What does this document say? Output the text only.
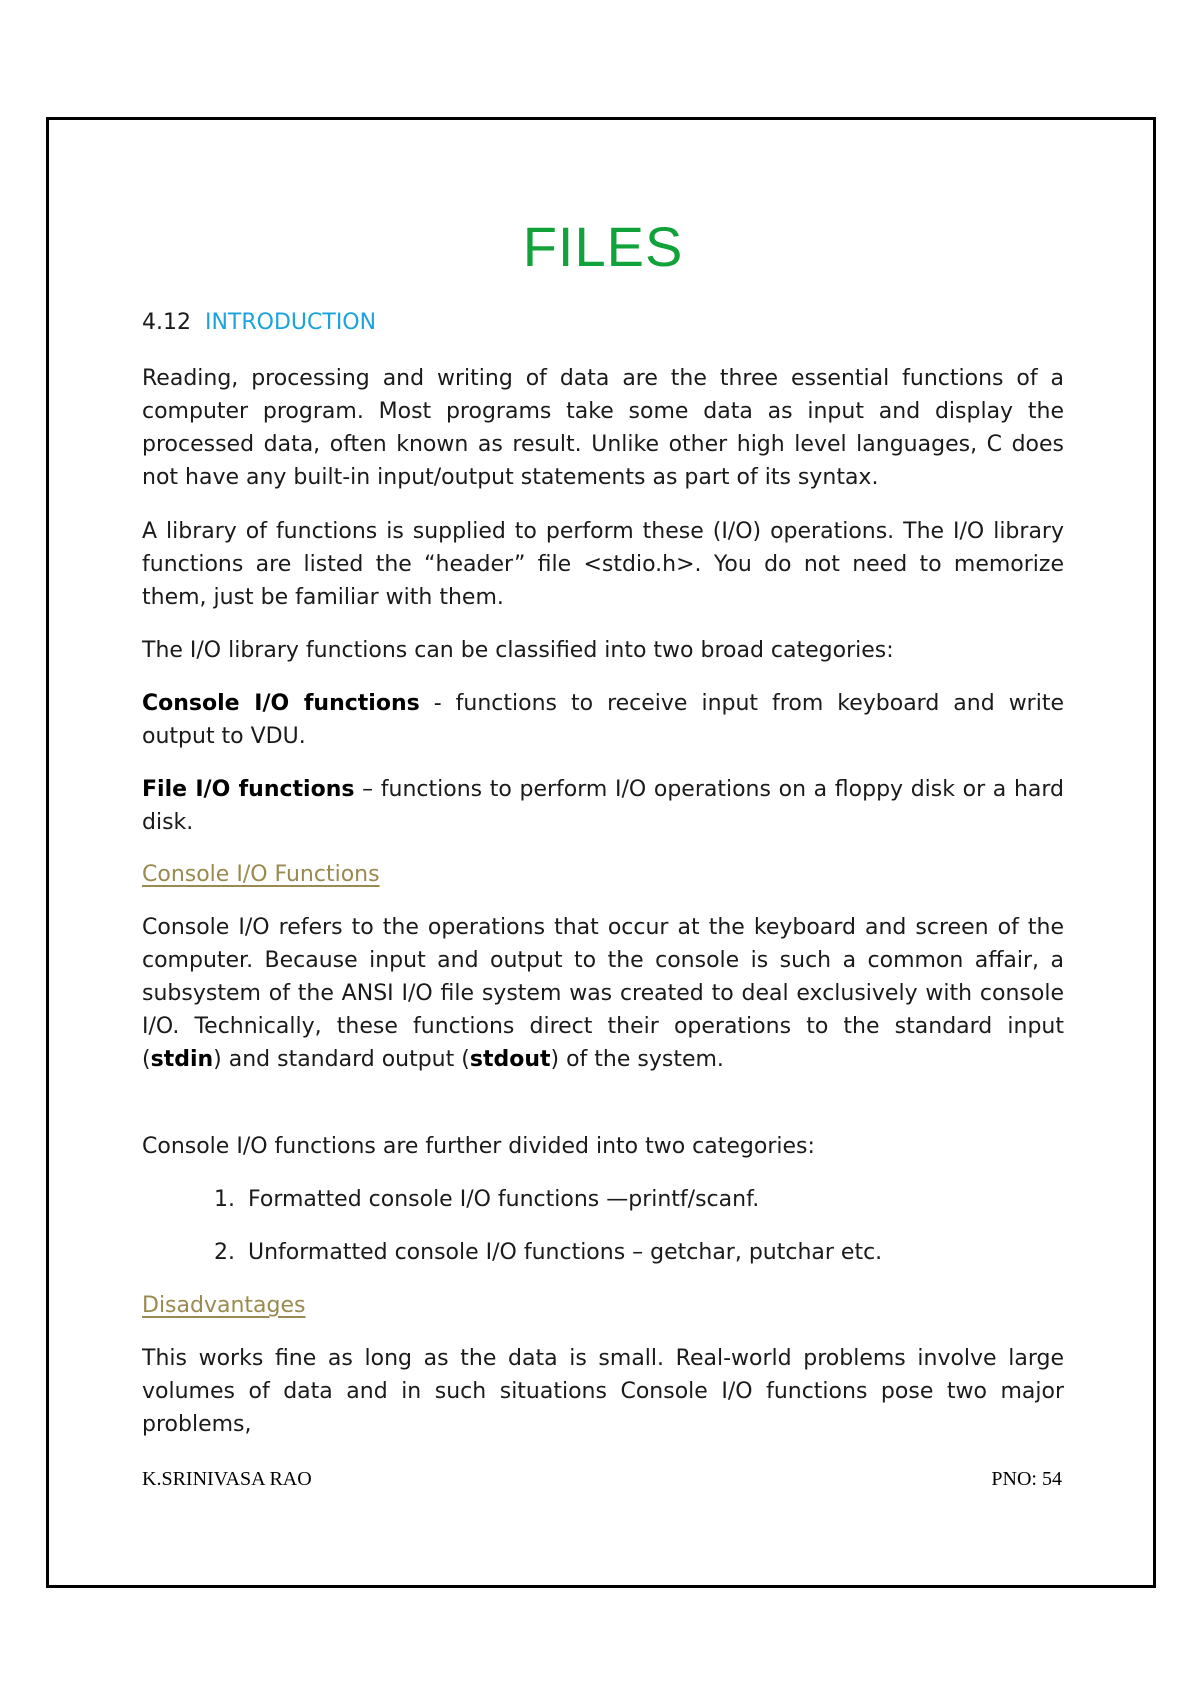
FILES
4.12 INTRODUCTION

Reading, processing and writing of data are the three essential functions of a computer program. Most programs take some data as input and display the processed data, often known as result. Unlike other high level languages, C does not have any built-in input/output statements as part of its syntax.

A library of functions is supplied to perform these (I/O) operations. The I/O library functions are listed the “header” file <stdio.h>. You do not need to memorize them, just be familiar with them.

The I/O library functions can be classified into two broad categories:

Console I/O functions - functions to receive input from keyboard and write output to VDU.

File I/O functions – functions to perform I/O operations on a floppy disk or a hard disk.

Console I/O Functions

Console I/O refers to the operations that occur at the keyboard and screen of the computer. Because input and output to the console is such a common affair, a subsystem of the ANSI I/O file system was created to deal exclusively with console I/O. Technically, these functions direct their operations to the standard input (stdin) and standard output (stdout) of the system.

Console I/O functions are further divided into two categories:

1. Formatted console I/O functions —printf/scanf.
2. Unformatted console I/O functions – getchar, putchar etc.
Disadvantages

This works fine as long as the data is small. Real-world problems involve large volumes of data and in such situations Console I/O functions pose two major problems,

K.SRINIVASA RAO	PNO: 54
